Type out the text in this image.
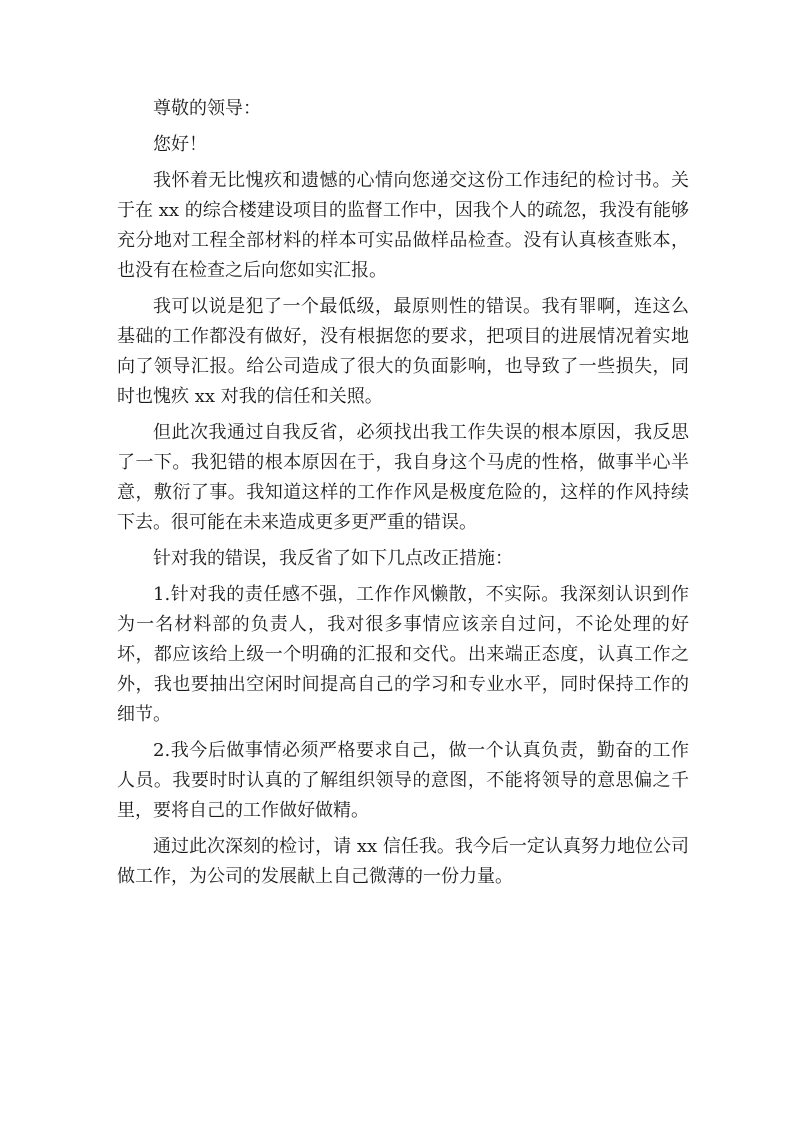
尊敬的领导：

您好！

我怀着无比愧疚和遗憾的心情向您递交这份工作违纪的检讨书。关于在 xx 的综合楼建设项目的监督工作中，因我个人的疏忽，我没有能够充分地对工程全部材料的样本可实品做样品检查。没有认真核查账本，也没有在检查之后向您如实汇报。

我可以说是犯了一个最低级，最原则性的错误。我有罪啊，连这么基础的工作都没有做好，没有根据您的要求，把项目的进展情况着实地向了领导汇报。给公司造成了很大的负面影响，也导致了一些损失，同时也愧疚 xx 对我的信任和关照。

但此次我通过自我反省，必须找出我工作失误的根本原因，我反思了一下。我犯错的根本原因在于，我自身这个马虎的性格，做事半心半意，敷衍了事。我知道这样的工作作风是极度危险的，这样的作风持续下去。很可能在未来造成更多更严重的错误。

针对我的错误，我反省了如下几点改正措施：

1.针对我的责任感不强，工作作风懒散，不实际。我深刻认识到作为一名材料部的负责人，我对很多事情应该亲自过问，不论处理的好坏，都应该给上级一个明确的汇报和交代。出来端正态度，认真工作之外，我也要抽出空闲时间提高自己的学习和专业水平，同时保持工作的细节。

2.我今后做事情必须严格要求自己，做一个认真负责，勤奋的工作人员。我要时时认真的了解组织领导的意图，不能将领导的意思偏之千里，要将自己的工作做好做精。

通过此次深刻的检讨，请 xx 信任我。我今后一定认真努力地位公司做工作，为公司的发展献上自己微薄的一份力量。
